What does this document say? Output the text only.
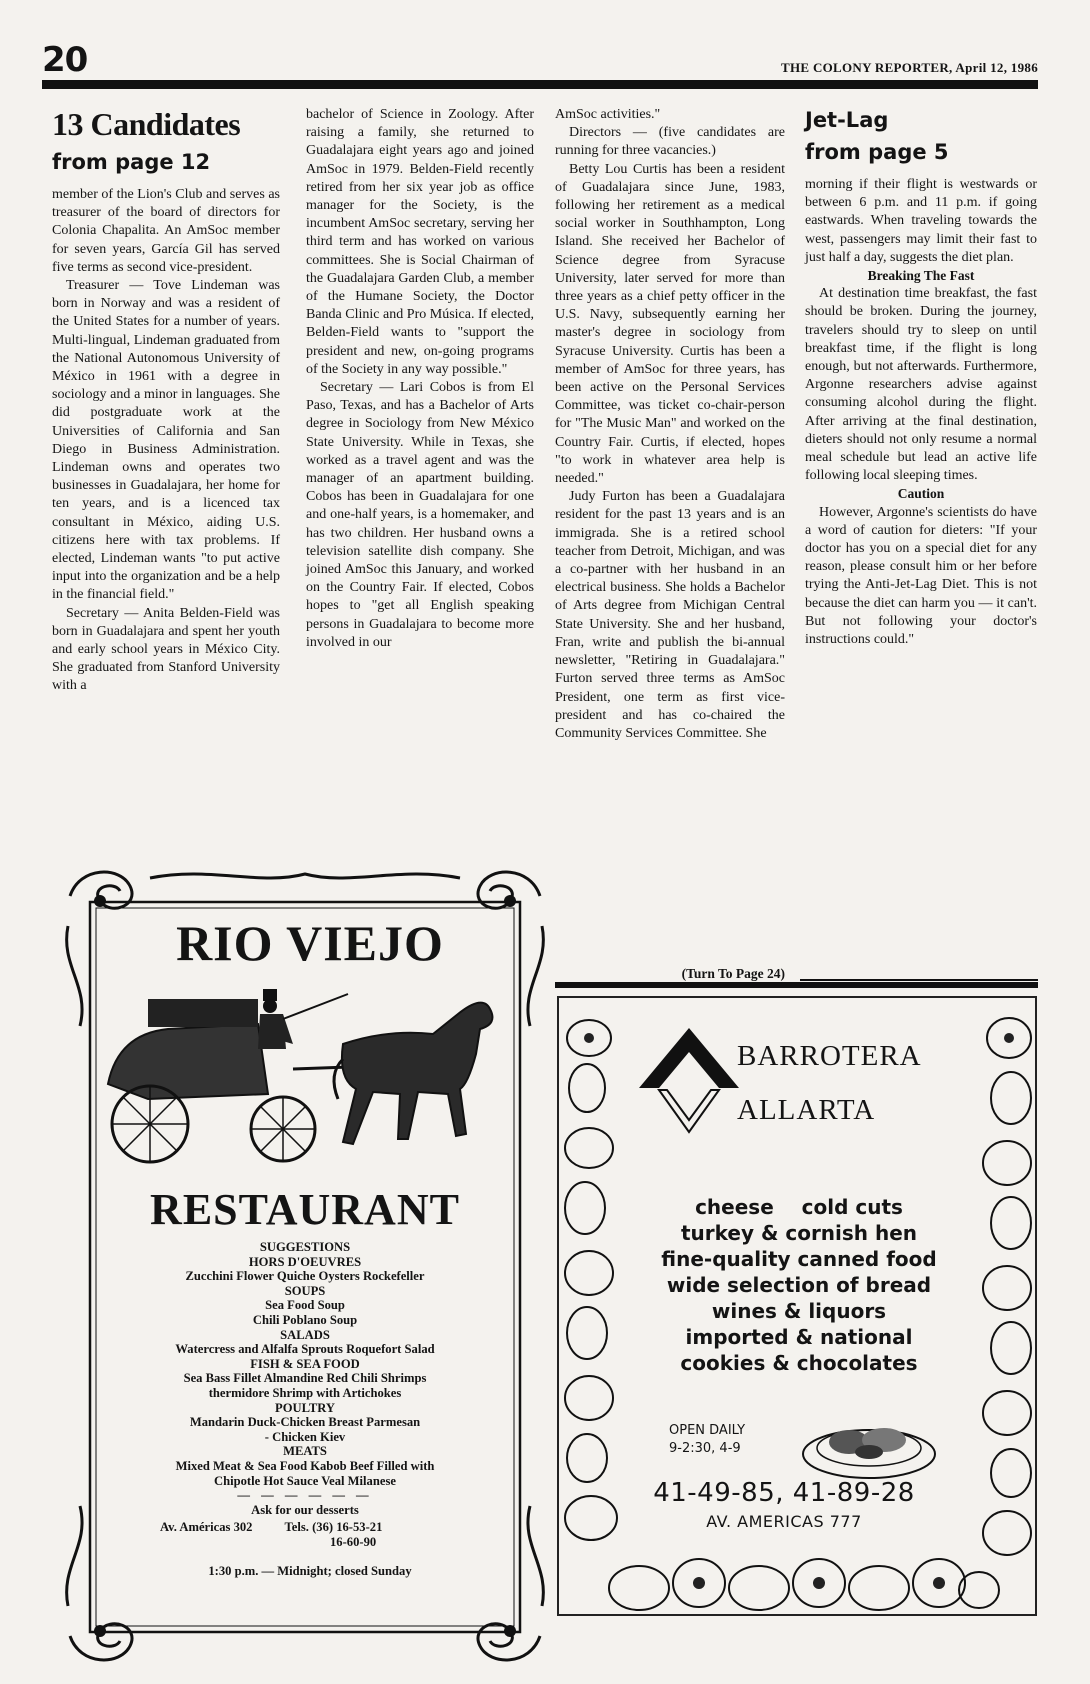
20	THE COLONY REPORTER, April 12, 1986
13 Candidates
from page 12

member of the Lion's Club and serves as treasurer of the board of directors for Colonia Chapalita. An AmSoc member for seven years, García Gil has served five terms as second vice-president.

Treasurer — Tove Lindeman was born in Norway and was a resident of the United States for a number of years. Multi-lingual, Lindeman graduated from the National Autonomous University of México in 1961 with a degree in sociology and a minor in languages. She did postgraduate work at the Universities of California and San Diego in Business Administration. Lindeman owns and operates two businesses in Guadalajara, her home for ten years, and is a licenced tax consultant in México, aiding U.S. citizens here with tax problems. If elected, Lindeman wants "to put active input into the organization and be a help in the financial field."

Secretary — Anita Belden-Field was born in Guadalajara and spent her youth and early school years in México City. She graduated from Stanford University with a

bachelor of Science in Zoology. After raising a family, she returned to Guadalajara eight years ago and joined AmSoc in 1979. Belden-Field recently retired from her six year job as office manager for the Society, is the incumbent AmSoc secretary, serving her third term and has worked on various committees. She is Social Chairman of the Guadalajara Garden Club, a member of the Humane Society, the Doctor Banda Clinic and Pro Música. If elected, Belden-Field wants to "support the president and new, on-going programs of the Society in any way possible."

Secretary — Lari Cobos is from El Paso, Texas, and has a Bachelor of Arts degree in Sociology from New México State University. While in Texas, she worked as a travel agent and was the manager of an apartment building. Cobos has been in Guadalajara for one and one-half years, is a homemaker, and has two children. Her husband owns a television satellite dish company. She joined AmSoc this January, and worked on the Country Fair. If elected, Cobos hopes to "get all English speaking persons in Guadalajara to become more involved in our

AmSoc activities."

Directors — (five candidates are running for three vacancies.)

Betty Lou Curtis has been a resident of Guadalajara since June, 1983, following her retirement as a medical social worker in Southhampton, Long Island. She received her Bachelor of Science degree from Syracuse University, later served for more than three years as a chief petty officer in the U.S. Navy, subsequently earning her master's degree in sociology from Syracuse University. Curtis has been a member of AmSoc for three years, has been active on the Personal Services Committee, was ticket co-chair-person for "The Music Man" and worked on the Country Fair. Curtis, if elected, hopes "to work in whatever area help is needed."

Judy Furton has been a Guadalajara resident for the past 13 years and is an immigrada. She is a retired school teacher from Detroit, Michigan, and was a co-partner with her husband in an electrical business. She holds a Bachelor of Arts degree from Michigan Central State University. She and her husband, Fran, write and publish the bi-annual newsletter, "Retiring in Guadalajara." Furton served three terms as AmSoc President, one term as first vice-president and has co-chaired the Community Services Committee. She

(Turn To Page 24)
Jet-Lag
from page 5

morning if their flight is westwards or between 6 p.m. and 11 p.m. if going eastwards. When traveling towards the west, passengers may limit their fast to just half a day, suggests the diet plan.

Breaking The Fast

At destination time breakfast, the fast should be broken. During the journey, travelers should try to sleep on until breakfast time, if the flight is long enough, but not afterwards. Furthermore, Argonne researchers advise against consuming alcohol during the flight. After arriving at the final destination, dieters should not only resume a normal meal schedule but lead an active life following local sleeping times.

Caution

However, Argonne's scientists do have a word of caution for dieters: "If your doctor has you on a special diet for any reason, please consult him or her before trying the Anti-Jet-Lag Diet. This is not because the diet can harm you — it can't. But not following your doctor's instructions could."

RIO VIEJO
RESTAURANT
SUGGESTIONS
HORS D'OEUVRES
Zucchini Flower Quiche Oysters Rockefeller
SOUPS
Sea Food Soup
Chili Poblano Soup
SALADS
Watercress and Alfalfa Sprouts Roquefort Salad
FISH & SEA FOOD
Sea Bass Fillet Almandine Red Chili Shrimps
thermidore Shrimp with Artichokes
POULTRY
Mandarin Duck-Chicken Breast Parmesan
- Chicken Kiev
MEATS
Mixed Meat & Sea Food Kabob Beef Filled with
Chipotle Hot Sauce Veal Milanese
— — — — — —
Ask for our desserts
Av. Américas 302	Tels. (36) 16-53-21
16-60-90
1:30 p.m. — Midnight; closed Sunday
BARROTERA
ALLARTA
cheese    cold cuts
turkey & cornish hen
fine-quality canned food
wide selection of bread
wines & liquors
imported & national
cookies & chocolates
OPEN DAILY
9-2:30, 4-9
41-49-85, 41-89-28
AV. AMERICAS 777
